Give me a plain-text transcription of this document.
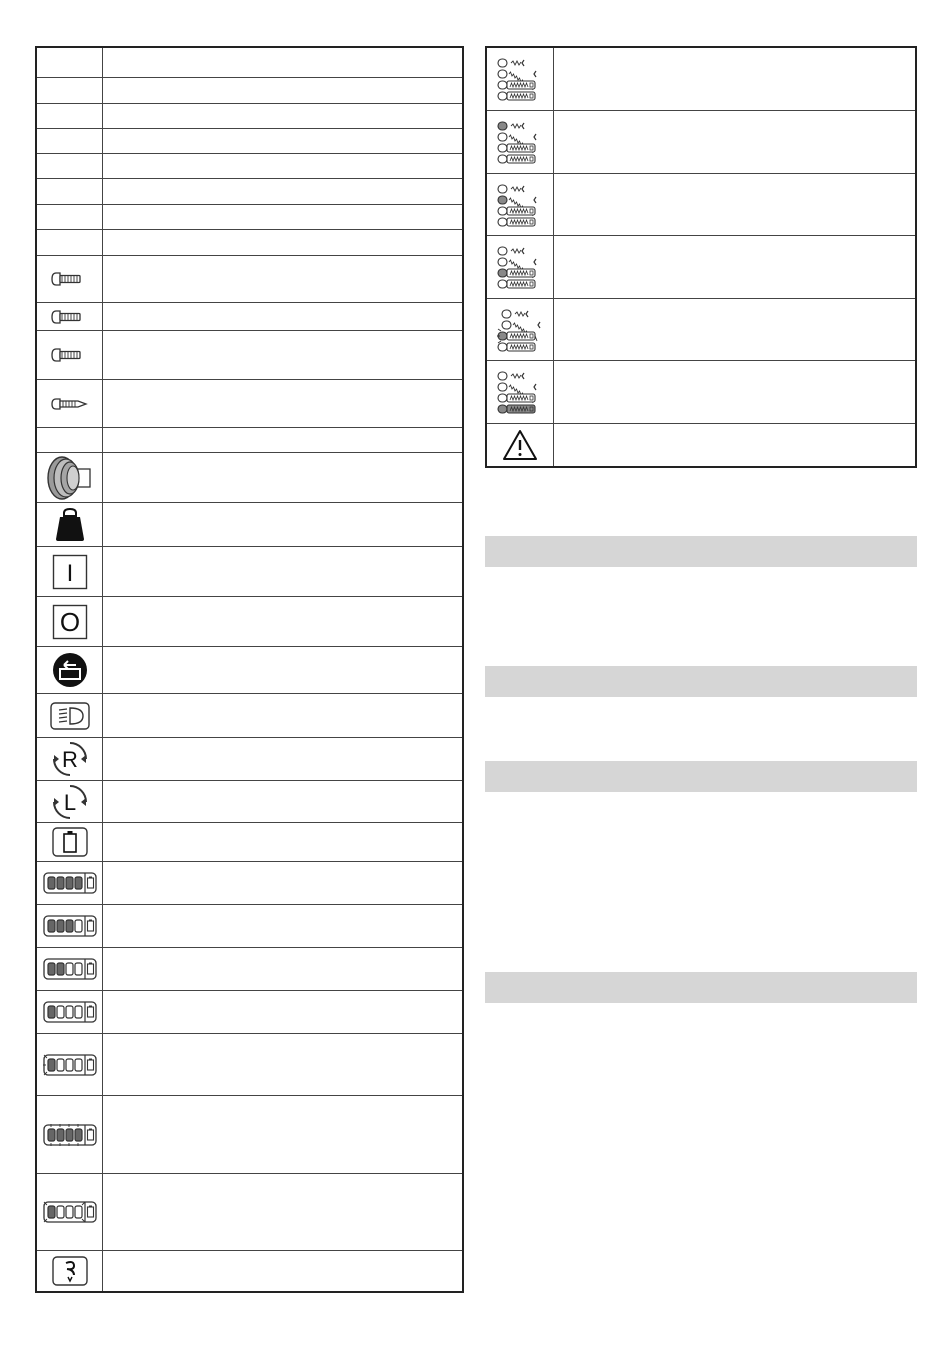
I
O
R
L
